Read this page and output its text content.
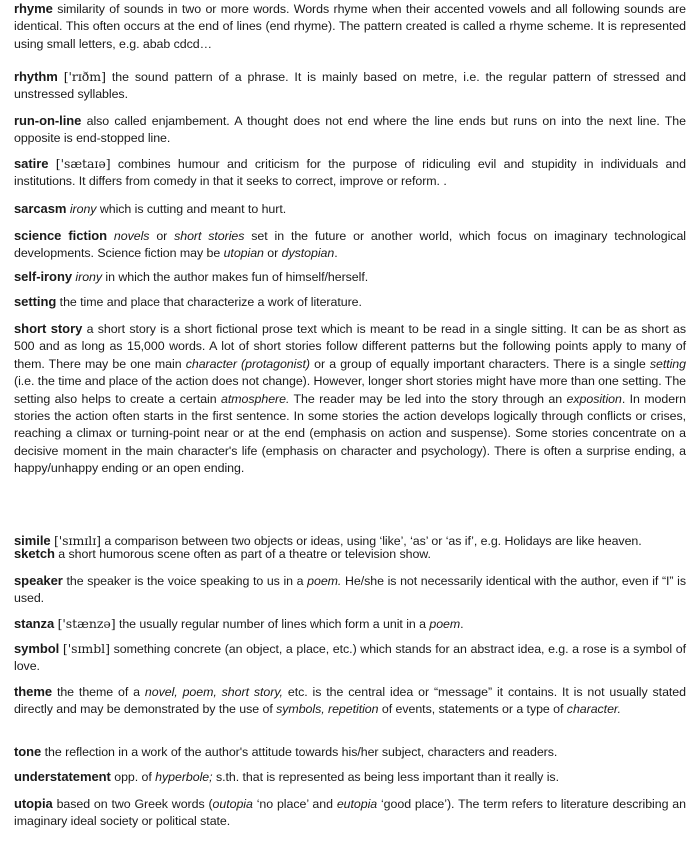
rhyme similarity of sounds in two or more words. Words rhyme when their accented vowels and all following sounds are identical. This often occurs at the end of lines (end rhyme). The pattern created is called a rhyme scheme. It is represented using small letters, e.g. abab cdcd…

rhythm ['rɪðm] the sound pattern of a phrase. It is mainly based on metre, i.e. the regular pattern of stressed and unstressed syllables.

run-on-line also called enjambement. A thought does not end where the line ends but runs on into the next line. The opposite is end-stopped line.

satire ['sætaɪə] combines humour and criticism for the purpose of ridiculing evil and stupidity in individuals and institutions. It differs from comedy in that it seeks to correct, improve or reform. .

sarcasm irony which is cutting and meant to hurt.

science fiction novels or short stories set in the future or another world, which focus on imaginary technological developments. Science fiction may be utopian or dystopian.

self-irony irony in which the author makes fun of himself/herself.

setting the time and place that characterize a work of literature.

short story a short story is a short fictional prose text which is meant to be read in a single sitting. It can be as short as 500 and as long as 15,000 words. A lot of short stories follow different patterns but the following points apply to many of them. There may be one main character (protagonist) or a group of equally important characters. There is a single setting (i.e. the time and place of the action does not change). However, longer short stories might have more than one setting. The setting also helps to create a certain atmosphere. The reader may be led into the story through an exposition. In modern stories the action often starts in the first sentence. In some stories the action develops logically through conflicts or crises, reaching a climax or turning-point near or at the end (emphasis on action and suspense). Some stories concentrate on a decisive moment in the main character's life (emphasis on character and psychology). There is often a surprise ending, a happy/unhappy ending or an open ending.

simile ['sɪmɪlɪ] a comparison between two objects or ideas, using ‘like’, ‘as’ or ‘as if’, e.g. Holidays are like heaven.

sketch a short humorous scene often as part of a theatre or television show.

speaker the speaker is the voice speaking to us in a poem. He/she is not necessarily identical with the author, even if “I” is used.

stanza ['stænzə] the usually regular number of lines which form a unit in a poem.

symbol ['sɪmbl] something concrete (an object, a place, etc.) which stands for an abstract idea, e.g. a rose is a symbol of love.

theme the theme of a novel, poem, short story, etc. is the central idea or “message” it contains. It is not usually stated directly and may be demonstrated by the use of symbols, repetition of events, statements or a type of character.

tone the reflection in a work of the author's attitude towards his/her subject, characters and readers.

understatement opp. of hyperbole; s.th. that is represented as being less important than it really is.

utopia based on two Greek words (outopia ‘no place’ and eutopia ‘good place’). The term refers to literature describing an imaginary ideal society or political state.
